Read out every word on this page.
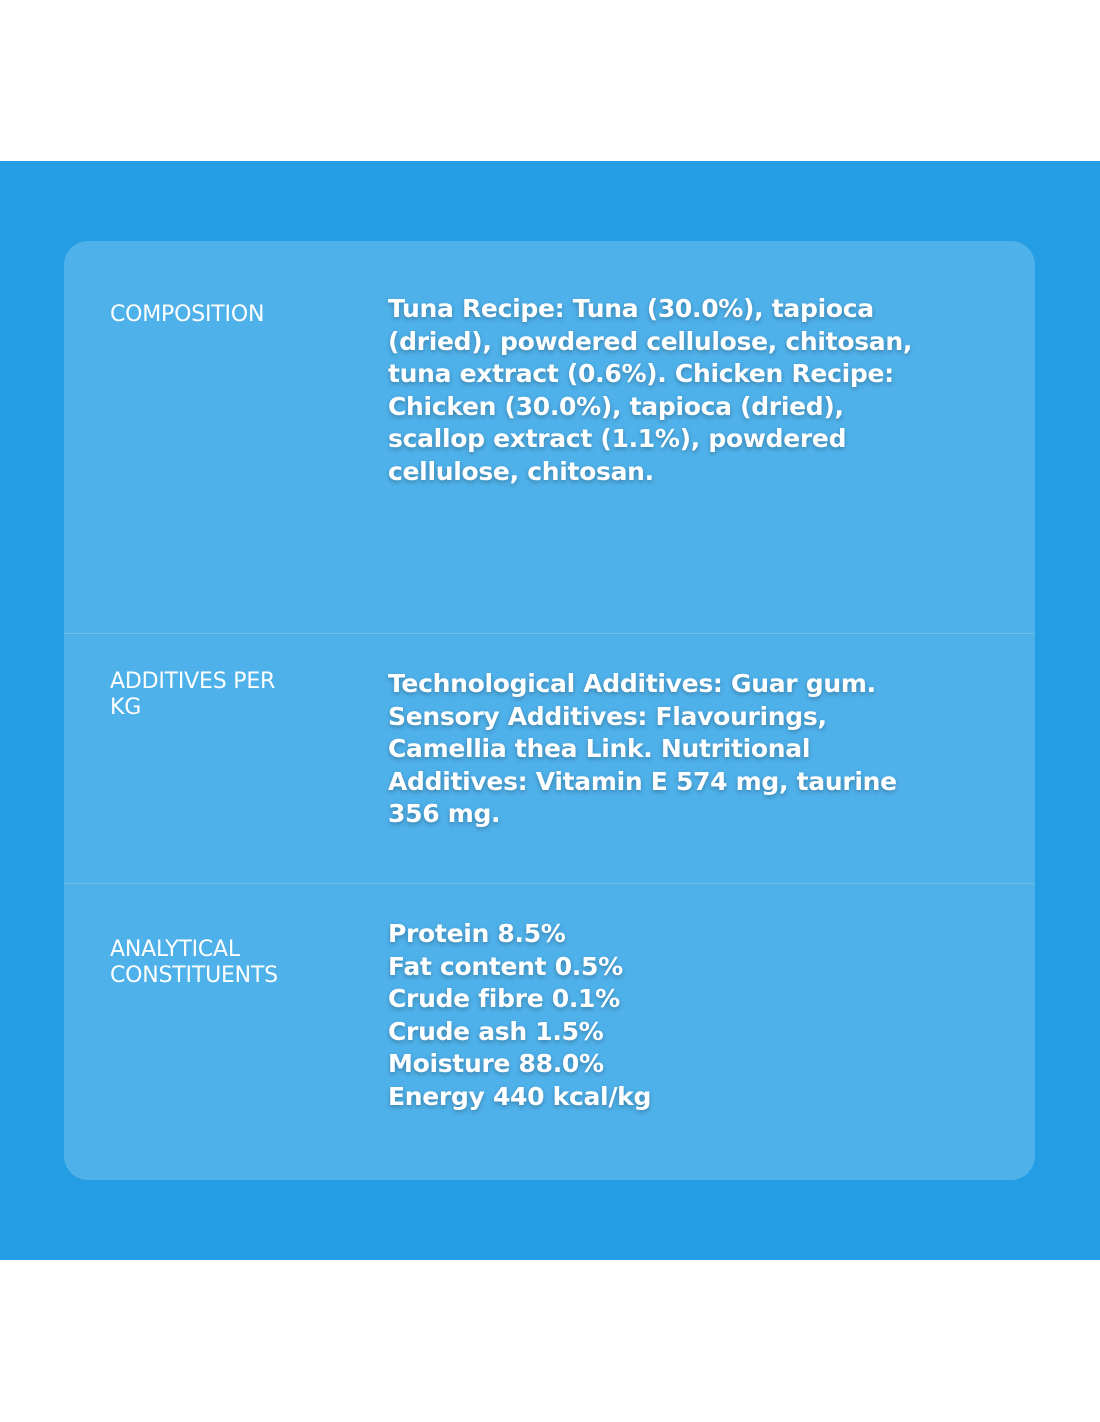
COMPOSITION	Tuna Recipe: Tuna (30.0%), tapioca (dried), powdered cellulose, chitosan, tuna extract (0.6%). Chicken Recipe: Chicken (30.0%), tapioca (dried), scallop extract (1.1%), powdered cellulose, chitosan.
ADDITIVES PER KG
Technological Additives: Guar gum. Sensory Additives: Flavourings, Camellia thea Link. Nutritional Additives: Vitamin E 574 mg, taurine 356 mg.
ANALYTICAL CONSTITUENTS
Protein 8.5%
Fat content 0.5%
Crude fibre 0.1%
Crude ash 1.5%
Moisture 88.0%
Energy 440 kcal/kg
